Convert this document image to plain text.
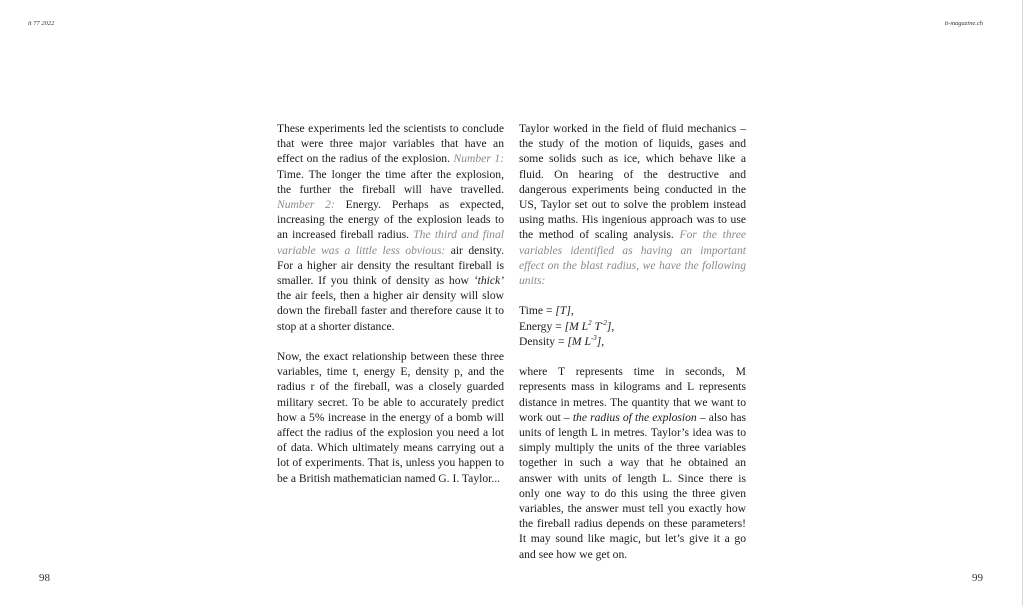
it 77 2022	it-magazine.ch

These experiments led the scientists to conclude that were three major variables that have an effect on the radius of the explosion. Number 1: Time. The longer the time after the explosion, the further the fireball will have travelled. Number 2: Energy. Perhaps as expected, increasing the energy of the explosion leads to an increased fireball radius. The third and final variable was a little less obvious: air density. For a higher air density the resultant fireball is smaller. If you think of density as how ‘thick’ the air feels, then a higher air density will slow down the fireball faster and therefore cause it to stop at a shorter distance.

Now, the exact relationship between these three variables, time t, energy E, density p, and the radius r of the fireball, was a closely guarded military secret. To be able to accurately predict how a 5% increase in the energy of a bomb will affect the radius of the explosion you need a lot of data. Which ultimately means carrying out a lot of experiments. That is, unless you happen to be a British mathematician named G. I. Taylor...

Taylor worked in the field of fluid mechanics – the study of the motion of liquids, gases and some solids such as ice, which behave like a fluid. On hearing of the destructive and dangerous experiments being conducted in the US, Taylor set out to solve the problem instead using maths. His ingenious approach was to use the method of scaling analysis. For the three variables identified as having an important effect on the blast radius, we have the following units:

Time = [T],
Energy = [M $L^2$ $T^{-2}$],
Density = [M $L^{-3}$],

where T represents time in seconds, M represents mass in kilograms and L represents distance in metres. The quantity that we want to work out – the radius of the explosion – also has units of length L in metres. Taylor’s idea was to simply multiply the units of the three variables together in such a way that he obtained an answer with units of length L. Since there is only one way to do this using the three given variables, the answer must tell you exactly how the fireball radius depends on these parameters! It may sound like magic, but let’s give it a go and see how we get on.

98	99
